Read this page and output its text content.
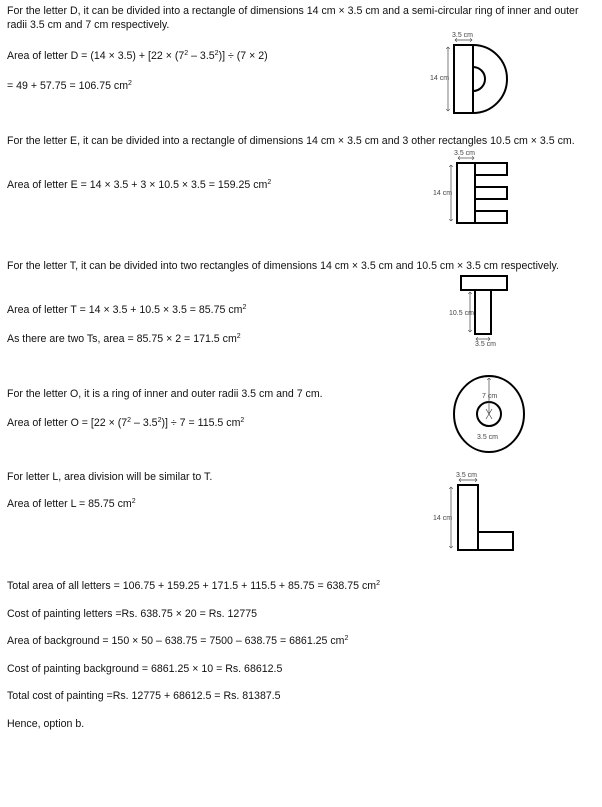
For the letter D, it can be divided into a rectangle of dimensions 14 cm × 3.5 cm and a semi-circular ring of inner and outer radii 3.5 cm and 7 cm respectively.
Area of letter $D = (14 \times 3.5) + [22 \times (7^2 - 3.5^2)] \div (7 \times 2)$
= 49 + 57.75 = 106.75 $cm^2$
For the letter E, it can be divided into a rectangle of dimensions 14 cm × 3.5 cm and 3 other rectangles 10.5 cm × 3.5 cm.
Area of letter E = 14 × 3.5 + 3 × 10.5 × 3.5 = 159.25 $cm^2$
For the letter T, it can be divided into two rectangles of dimensions 14 cm × 3.5 cm and 10.5 cm × 3.5 cm respectively.
Area of letter T = 14 × 3.5 + 10.5 × 3.5 = 85.75 $cm^2$
As there are two Ts, area = 85.75 × 2 = 171.5 $cm^2$
For the letter O, it is a ring of inner and outer radii 3.5 cm and 7 cm.
Area of letter $O = [22 \times (7^2 - 3.5^2)] \div 7 = 115.5$ $cm^2$
For letter L, area division will be similar to T.
Area of letter L = 85.75 $cm^2$
Total area of all letters = 106.75 + 159.25 + 171.5 + 115.5 + 85.75 = 638.75 $cm^2$
Cost of painting letters =Rs. 638.75 × 20 = Rs. 12775
Area of background = 150 × 50 – 638.75 = 7500 – 638.75 = 6861.25 $cm^2$
Cost of painting background = 6861.25 × 10 = Rs. 68612.5
Total cost of painting =Rs. 12775 + 68612.5 = Rs. 81387.5
Hence, option b.
3.5 cm
14 cm
3.5 cm
14 cm
10.5 cm
3.5 cm
7 cm
3.5 cm
3.5 cm
14 cm
